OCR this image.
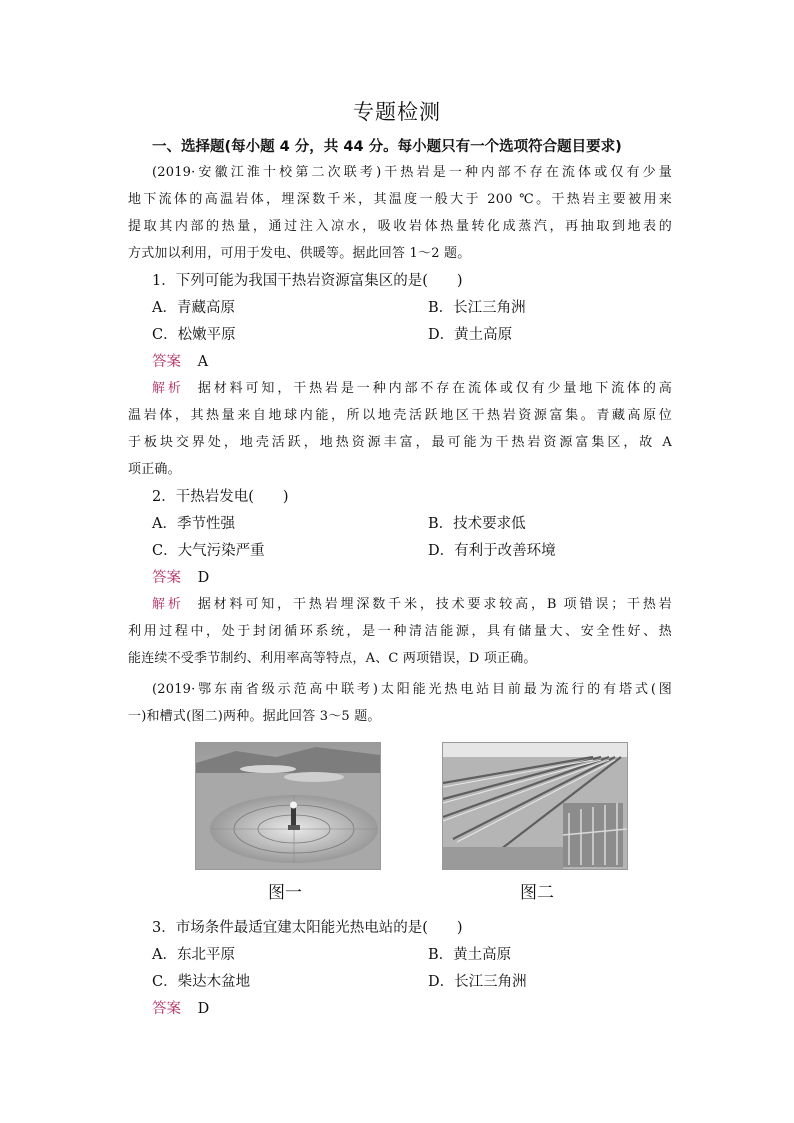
专题检测
一、选择题(每小题 4 分，共 44 分。每小题只有一个选项符合题目要求)
(2019·安徽江淮十校第二次联考)干热岩是一种内部不存在流体或仅有少量
地下流体的高温岩体，埋深数千米，其温度一般大于 200 ℃。干热岩主要被用来
提取其内部的热量，通过注入凉水，吸收岩体热量转化成蒸汽，再抽取到地表的
方式加以利用，可用于发电、供暖等。据此回答 1～2 题。
1．下列可能为我国干热岩资源富集区的是(　　)
A．青藏高原	B．长江三角洲
C．松嫩平原	D．黄土高原
答案 A
解析 据材料可知，干热岩是一种内部不存在流体或仅有少量地下流体的高
温岩体，其热量来自地球内能，所以地壳活跃地区干热岩资源富集。青藏高原位
于板块交界处，地壳活跃，地热资源丰富，最可能为干热岩资源富集区，故 A
项正确。
2．干热岩发电(　　)
A．季节性强	B．技术要求低
C．大气污染严重	D．有利于改善环境
答案 D
解析 据材料可知，干热岩埋深数千米，技术要求较高，B 项错误；干热岩
利用过程中，处于封闭循环系统，是一种清洁能源，具有储量大、安全性好、热
能连续不受季节制约、利用率高等特点，A、C 两项错误，D 项正确。
(2019·鄂东南省级示范高中联考)太阳能光热电站目前最为流行的有塔式(图
一)和槽式(图二)两种。据此回答 3～5 题。
图一	图二
3．市场条件最适宜建太阳能光热电站的是(　　)
A．东北平原	B．黄土高原
C．柴达木盆地	D．长江三角洲
答案 D
